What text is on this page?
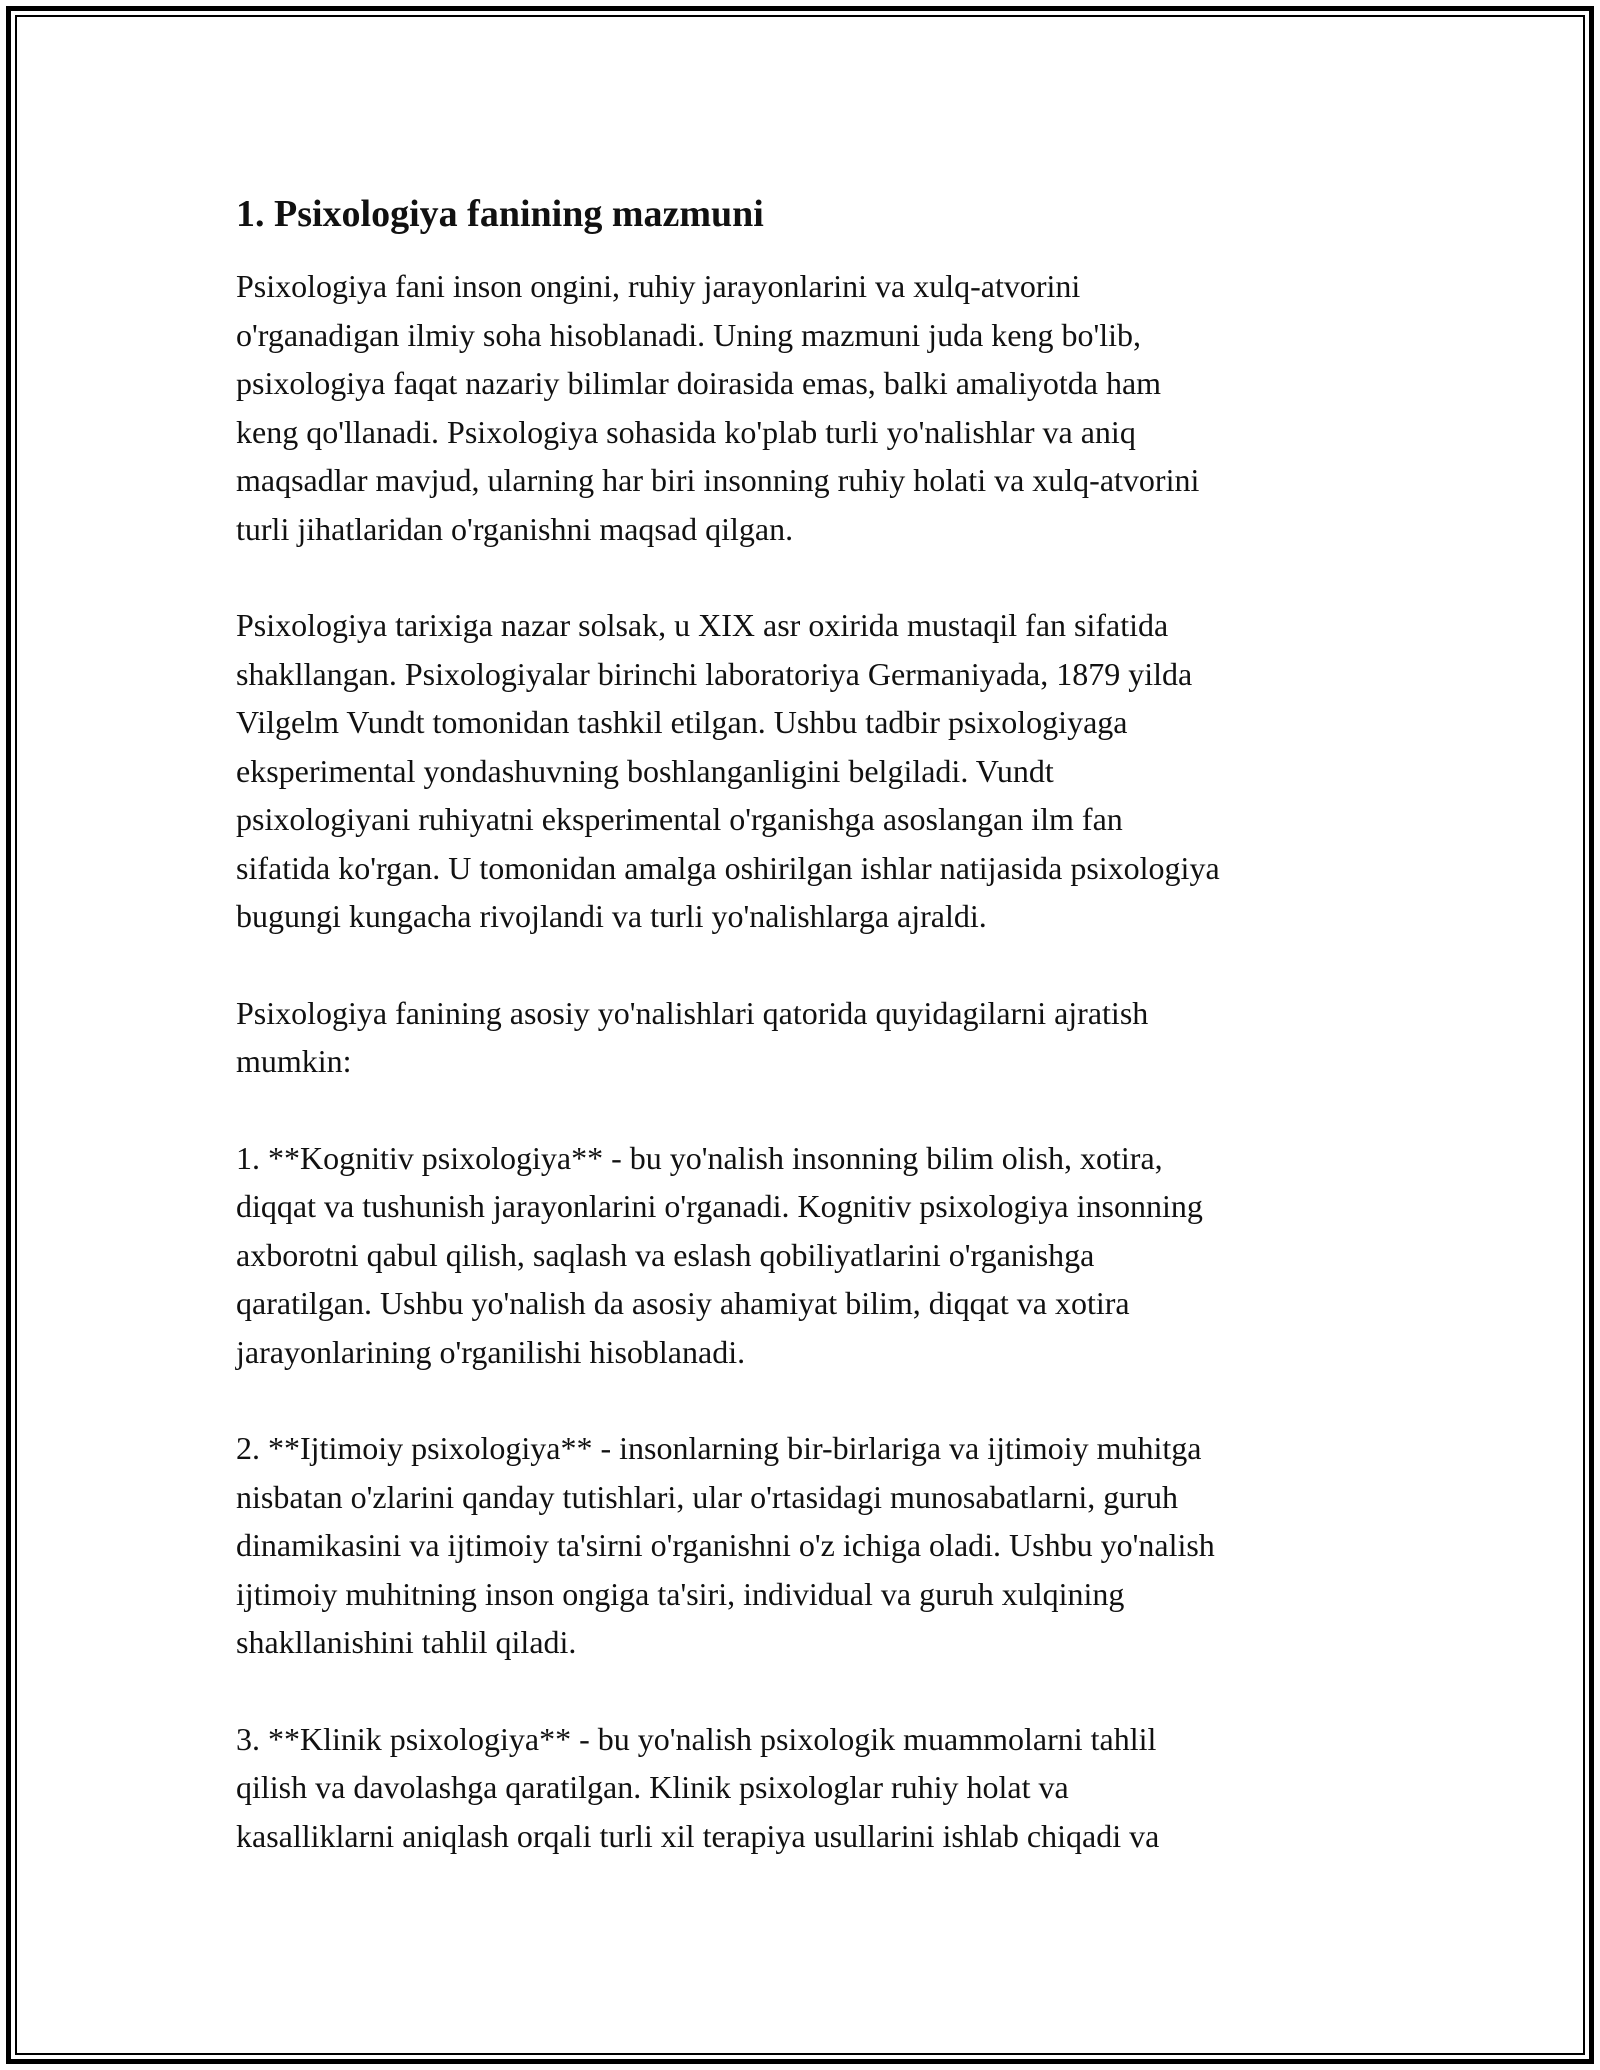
1. Psixologiya fanining mazmuni

Psixologiya fani inson ongini, ruhiy jarayonlarini va xulq-atvorini
o'rganadigan ilmiy soha hisoblanadi. Uning mazmuni juda keng bo'lib,
psixologiya faqat nazariy bilimlar doirasida emas, balki amaliyotda ham
keng qo'llanadi. Psixologiya sohasida ko'plab turli yo'nalishlar va aniq
maqsadlar mavjud, ularning har biri insonning ruhiy holati va xulq-atvorini
turli jihatlaridan o'rganishni maqsad qilgan.

Psixologiya tarixiga nazar solsak, u XIX asr oxirida mustaqil fan sifatida
shakllangan. Psixologiyalar birinchi laboratoriya Germaniyada, 1879 yilda
Vilgelm Vundt tomonidan tashkil etilgan. Ushbu tadbir psixologiyaga
eksperimental yondashuvning boshlanganligini belgiladi. Vundt
psixologiyani ruhiyatni eksperimental o'rganishga asoslangan ilm fan
sifatida ko'rgan. U tomonidan amalga oshirilgan ishlar natijasida psixologiya
bugungi kungacha rivojlandi va turli yo'nalishlarga ajraldi.

Psixologiya fanining asosiy yo'nalishlari qatorida quyidagilarni ajratish
mumkin:

1. **Kognitiv psixologiya** - bu yo'nalish insonning bilim olish, xotira,
diqqat va tushunish jarayonlarini o'rganadi. Kognitiv psixologiya insonning
axborotni qabul qilish, saqlash va eslash qobiliyatlarini o'rganishga
qaratilgan. Ushbu yo'nalish da asosiy ahamiyat bilim, diqqat va xotira
jarayonlarining o'rganilishi hisoblanadi.

2. **Ijtimoiy psixologiya** - insonlarning bir-birlariga va ijtimoiy muhitga
nisbatan o'zlarini qanday tutishlari, ular o'rtasidagi munosabatlarni, guruh
dinamikasini va ijtimoiy ta'sirni o'rganishni o'z ichiga oladi. Ushbu yo'nalish
ijtimoiy muhitning inson ongiga ta'siri, individual va guruh xulqining
shakllanishini tahlil qiladi.

3. **Klinik psixologiya** - bu yo'nalish psixologik muammolarni tahlil
qilish va davolashga qaratilgan. Klinik psixologlar ruhiy holat va
kasalliklarni aniqlash orqali turli xil terapiya usullarini ishlab chiqadi va
